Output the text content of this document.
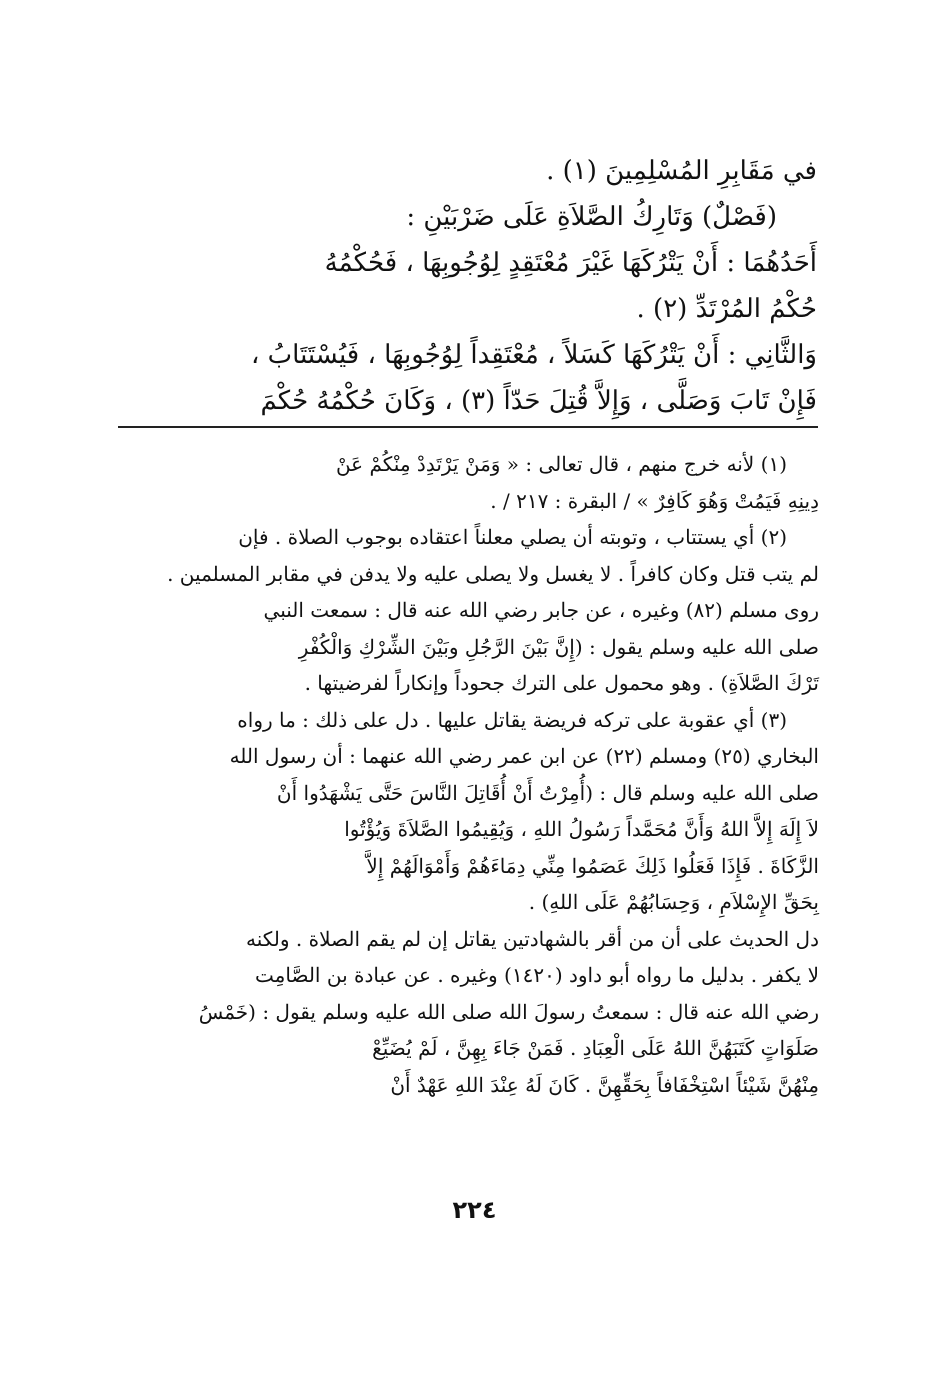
في مَقَابِرِ المُسْلِمِينَ (١) .

(فَصْلٌ) وَتَارِكُ الصَّلاَةِ عَلَى ضَرْبَيْنِ :

أَحَدُهُمَا : أَنْ يَتْرُكَهَا غَيْرَ مُعْتَقِدٍ لِوُجُوبِهَا ، فَحُكْمُهُ

حُكْمُ المُرْتَدِّ (٢) .

وَالثَّانِي : أَنْ يَتْرُكَهَا كَسَلاً ، مُعْتَقِداً لِوُجُوبِهَا ، فَيُسْتَتَابُ ،

فَإِنْ تَابَ وَصَلَّى ، وَإِلاَّ قُتِلَ حَدّاً (٣) ، وَكَانَ حُكْمُهُ حُكْمَ

(١) لأنه خرج منهم ، قال تعالى : « وَمَنْ يَرْتَدِدْ مِنْكُمْ عَنْ

دِينِهِ فَيَمُتْ وَهُوَ كَافِرٌ » / البقرة : ٢١٧ / .

(٢) أي يستتاب ، وتوبته أن يصلي معلناً اعتقاده بوجوب الصلاة . فإن

لم يتب قتل وكان كافراً . لا يغسل ولا يصلى عليه ولا يدفن في مقابر المسلمين .

روى مسلم (٨٢) وغيره ، عن جابر رضي الله عنه قال : سمعت النبي

صلى الله عليه وسلم يقول : (إِنَّ بَيْنَ الرَّجُلِ وبَيْنَ الشِّرْكِ وَالْكُفْرِ

تَرْكَ الصَّلاَةِ) . وهو محمول على الترك جحوداً وإنكاراً لفرضيتها .

(٣) أي عقوبة على تركه فريضة يقاتل عليها . دل على ذلك : ما رواه

البخاري (٢٥) ومسلم (٢٢) عن ابن عمر رضي الله عنهما : أن رسول الله

صلى الله عليه وسلم قال : (أُمِرْتُ أَنْ أُقَاتِلَ النَّاسَ حَتَّى يَشْهَدُوا أَنْ

لاَ إِلَهَ إِلاَّ اللهُ وَأَنَّ مُحَمَّداً رَسُولُ اللهِ ، وَيُقِيمُوا الصَّلاَةَ وَيُؤْتُوا

الزَّكَاةَ . فَإِذَا فَعَلُوا ذَلِكَ عَصَمُوا مِنِّي دِمَاءَهُمْ وَأَمْوَالَهُمْ إِلاَّ

بِحَقِّ الإِسْلاَمِ ، وَحِسَابُهُمْ عَلَى اللهِ) .

دل الحديث على أن من أقر بالشهادتين يقاتل إن لم يقم الصلاة . ولكنه

لا يكفر . بدليل ما رواه أبو داود (١٤٢٠) وغيره . عن عبادة بن الصَّامِت

رضي الله عنه قال : سمعتُ رسولَ الله صلى الله عليه وسلم يقول : (خَمْسُ

صَلَوَاتٍ كَتَبَهُنَّ اللهُ عَلَى الْعِبَادِ . فَمَنْ جَاءَ بِهِنَّ ، لَمْ يُضَيِّعْ

مِنْهُنَّ شَيْئاً اسْتِخْفَافاً بِحَقِّهِنَّ . كَانَ لَهُ عِنْدَ اللهِ عَهْدٌ أَنْ

٢٢٤
